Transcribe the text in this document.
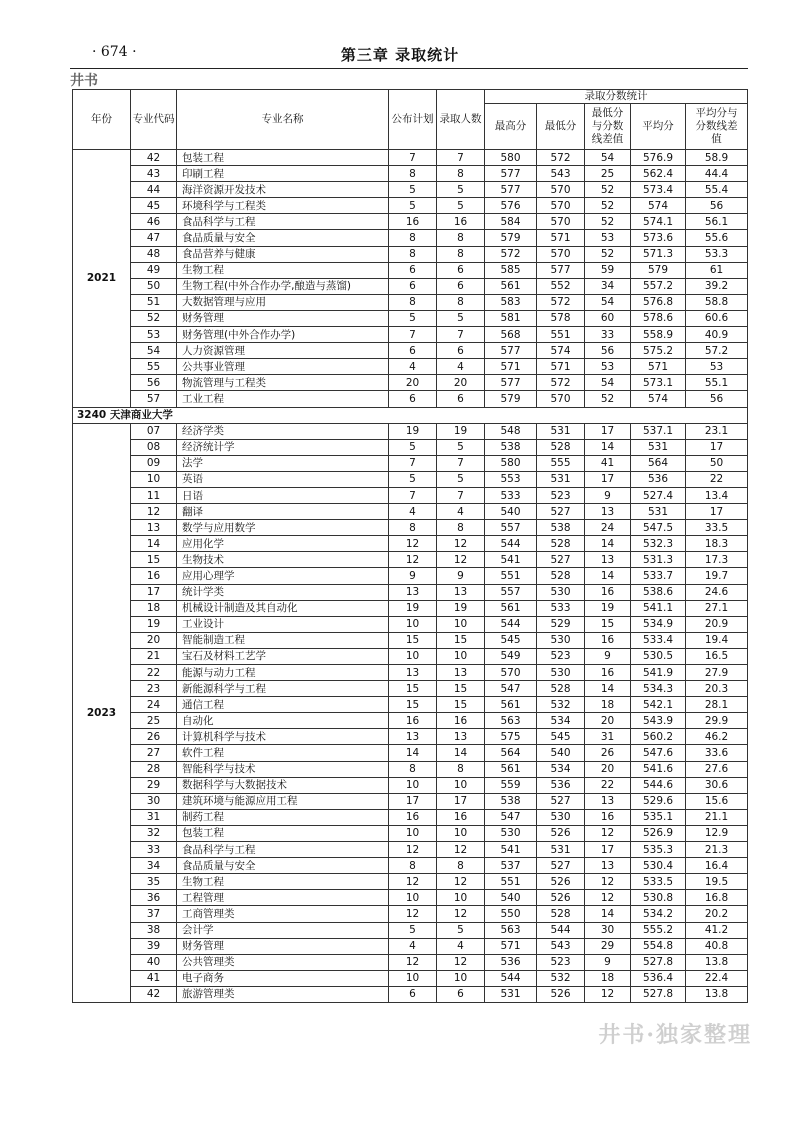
· 674 ·	第三章 录取统计
井书
年份	专业代码	专业名称	公布计划	录取人数	录取分数统计				
					最高分	最低分	最低分与分数线差值	平均分	平均分与分数线差值
2021	42	包装工程	7	7	580	572	54	576.9	58.9
	43	印刷工程	8	8	577	543	25	562.4	44.4
	44	海洋资源开发技术	5	5	577	570	52	573.4	55.4
	45	环境科学与工程类	5	5	576	570	52	574	56
	46	食品科学与工程	16	16	584	570	52	574.1	56.1
	47	食品质量与安全	8	8	579	571	53	573.6	55.6
	48	食品营养与健康	8	8	572	570	52	571.3	53.3
	49	生物工程	6	6	585	577	59	579	61
	50	生物工程(中外合作办学,酿造与蒸馏)	6	6	561	552	34	557.2	39.2
	51	大数据管理与应用	8	8	583	572	54	576.8	58.8
	52	财务管理	5	5	581	578	60	578.6	60.6
	53	财务管理(中外合作办学)	7	7	568	551	33	558.9	40.9
	54	人力资源管理	6	6	577	574	56	575.2	57.2
	55	公共事业管理	4	4	571	571	53	571	53
	56	物流管理与工程类	20	20	577	572	54	573.1	55.1
	57	工业工程	6	6	579	570	52	574	56
3240 天津商业大学									
2023	07	经济学类	19	19	548	531	17	537.1	23.1
	08	经济统计学	5	5	538	528	14	531	17
	09	法学	7	7	580	555	41	564	50
	10	英语	5	5	553	531	17	536	22
	11	日语	7	7	533	523	9	527.4	13.4
	12	翻译	4	4	540	527	13	531	17
	13	数学与应用数学	8	8	557	538	24	547.5	33.5
	14	应用化学	12	12	544	528	14	532.3	18.3
	15	生物技术	12	12	541	527	13	531.3	17.3
	16	应用心理学	9	9	551	528	14	533.7	19.7
	17	统计学类	13	13	557	530	16	538.6	24.6
	18	机械设计制造及其自动化	19	19	561	533	19	541.1	27.1
	19	工业设计	10	10	544	529	15	534.9	20.9
	20	智能制造工程	15	15	545	530	16	533.4	19.4
	21	宝石及材料工艺学	10	10	549	523	9	530.5	16.5
	22	能源与动力工程	13	13	570	530	16	541.9	27.9
	23	新能源科学与工程	15	15	547	528	14	534.3	20.3
	24	通信工程	15	15	561	532	18	542.1	28.1
	25	自动化	16	16	563	534	20	543.9	29.9
	26	计算机科学与技术	13	13	575	545	31	560.2	46.2
	27	软件工程	14	14	564	540	26	547.6	33.6
	28	智能科学与技术	8	8	561	534	20	541.6	27.6
	29	数据科学与大数据技术	10	10	559	536	22	544.6	30.6
	30	建筑环境与能源应用工程	17	17	538	527	13	529.6	15.6
	31	制药工程	16	16	547	530	16	535.1	21.1
	32	包装工程	10	10	530	526	12	526.9	12.9
	33	食品科学与工程	12	12	541	531	17	535.3	21.3
	34	食品质量与安全	8	8	537	527	13	530.4	16.4
	35	生物工程	12	12	551	526	12	533.5	19.5
	36	工程管理	10	10	540	526	12	530.8	16.8
	37	工商管理类	12	12	550	528	14	534.2	20.2
	38	会计学	5	5	563	544	30	555.2	41.2
	39	财务管理	4	4	571	543	29	554.8	40.8
	40	公共管理类	12	12	536	523	9	527.8	13.8
	41	电子商务	10	10	544	532	18	536.4	22.4
	42	旅游管理类	6	6	531	526	12	527.8	13.8
井书·独家整理
